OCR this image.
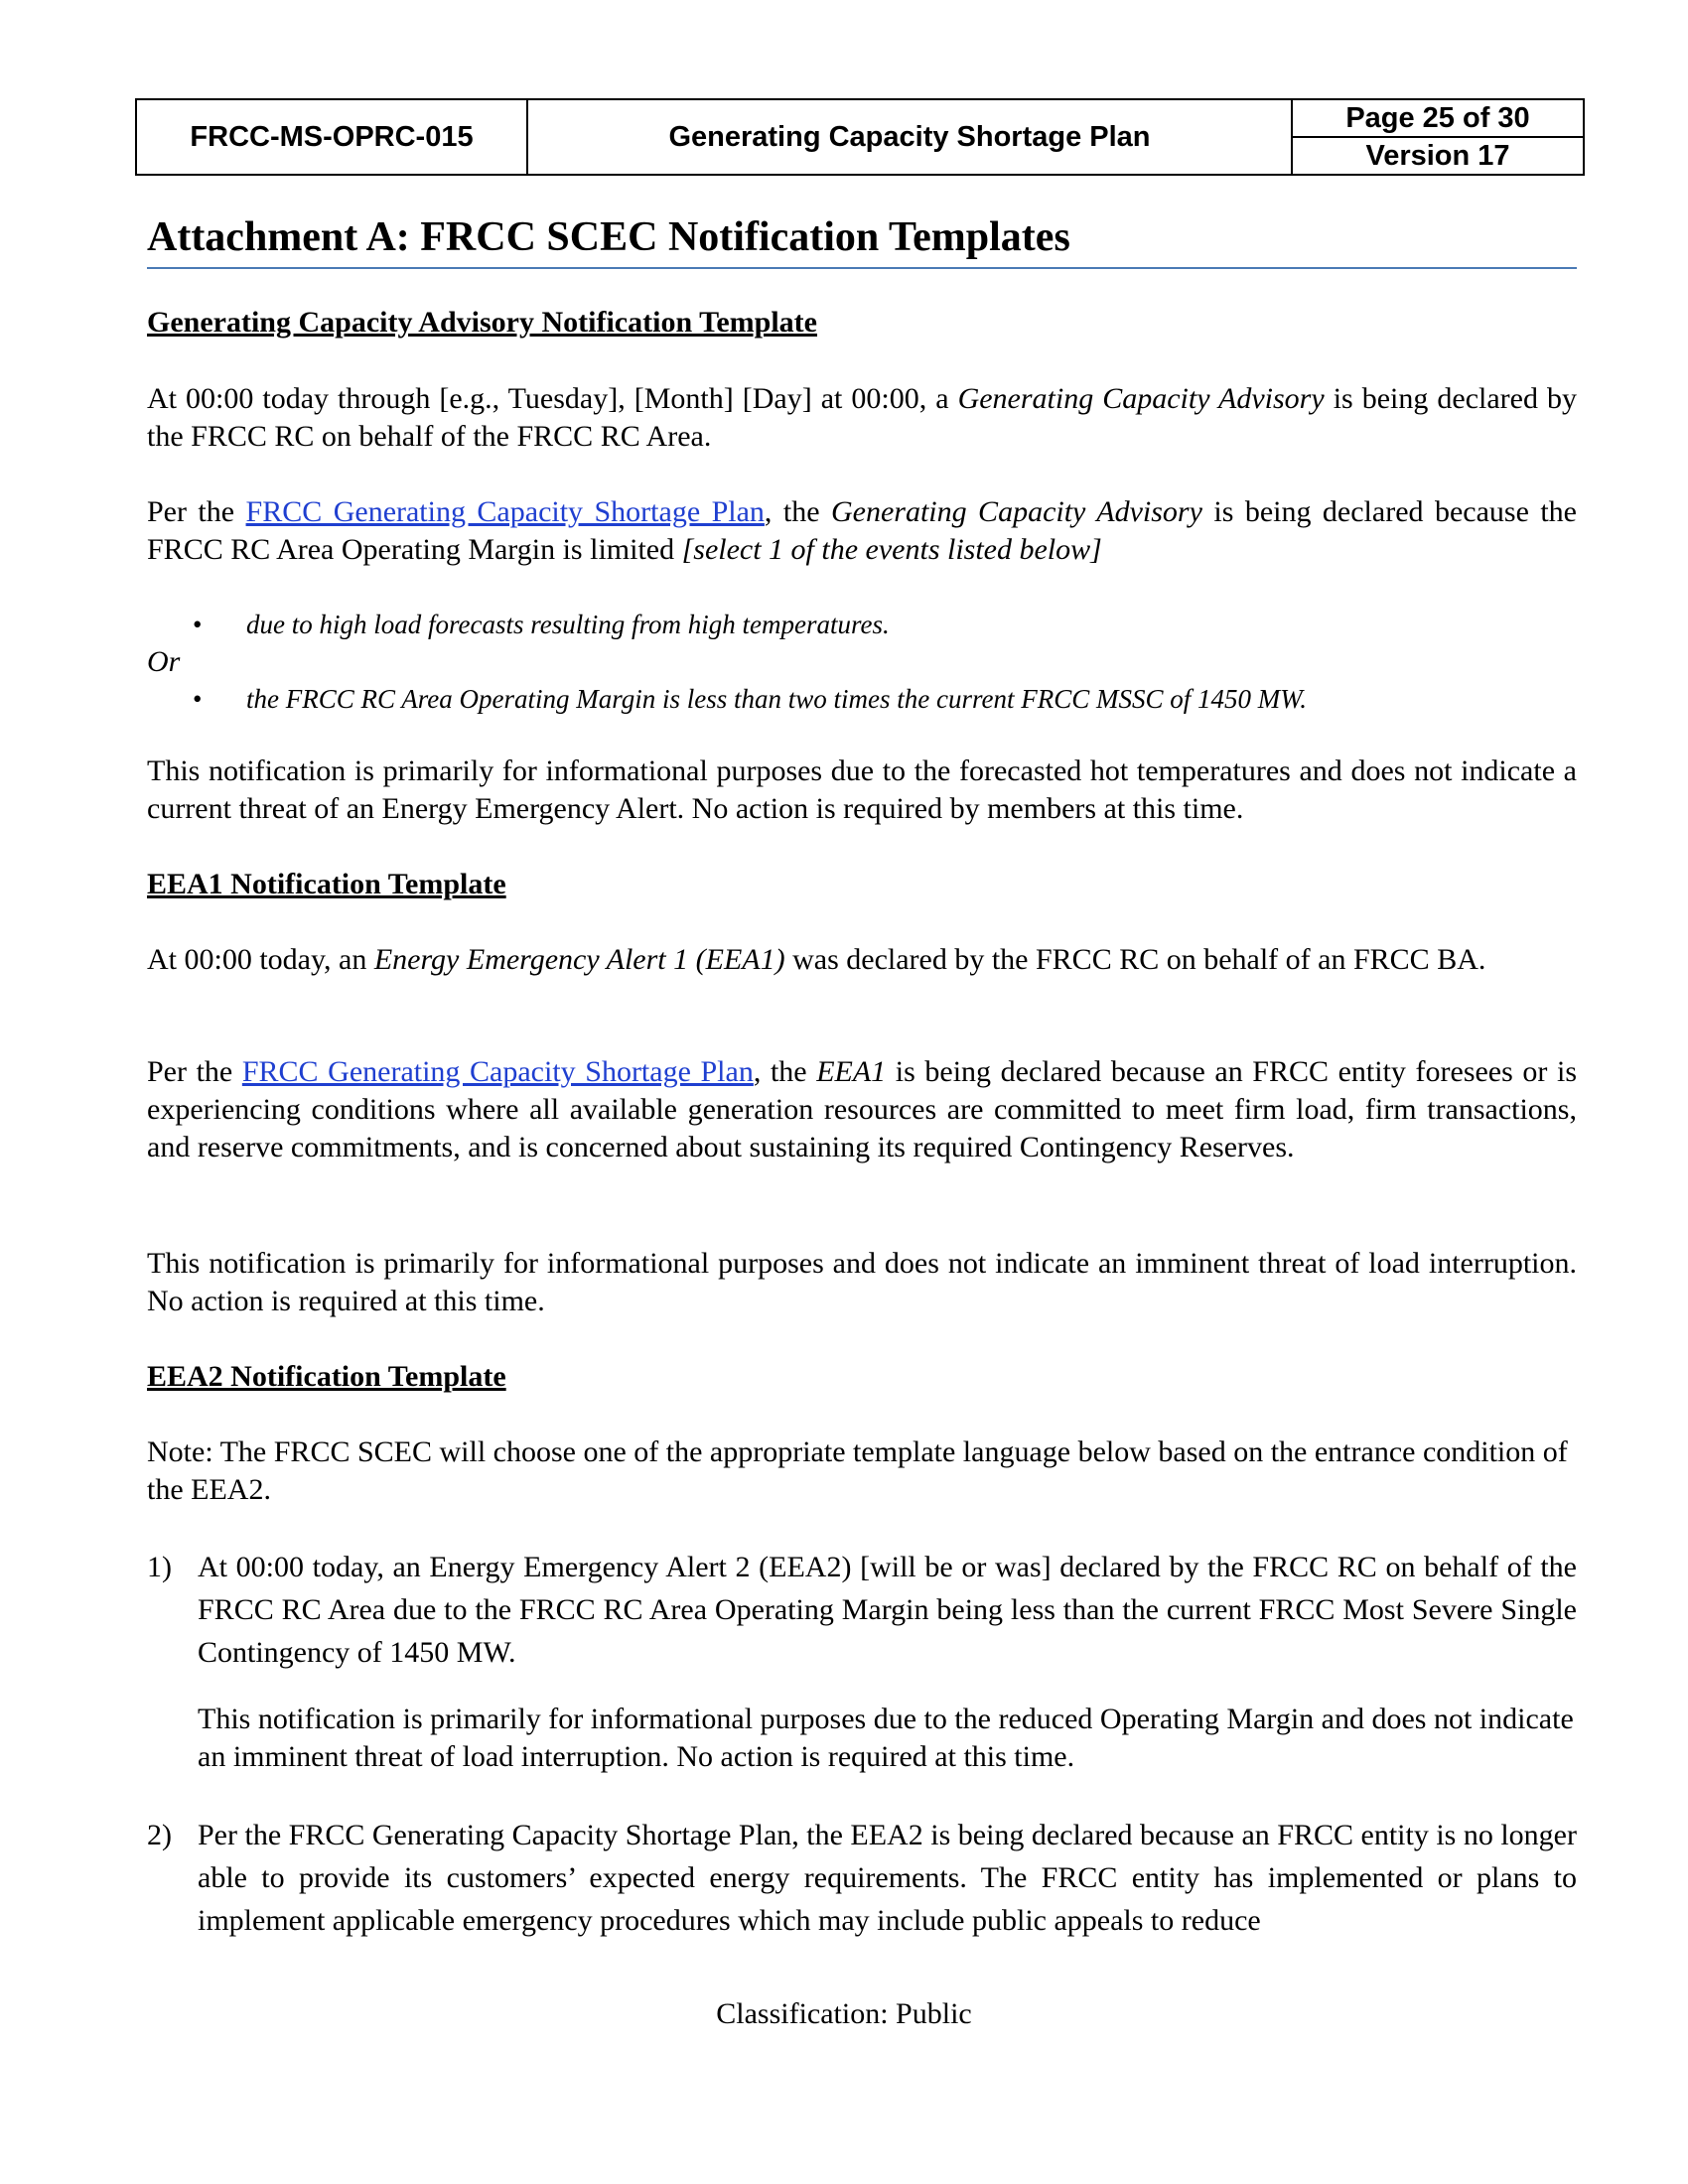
FRCC-MS-OPRC-015	Generating Capacity Shortage Plan
Page 25 of 30
Version 17
Attachment A: FRCC SCEC Notification Templates
Generating Capacity Advisory Notification Template
At 00:00 today through [e.g., Tuesday], [Month] [Day] at 00:00, a Generating Capacity Advisory is being declared by the FRCC RC on behalf of the FRCC RC Area.
Per the FRCC Generating Capacity Shortage Plan, the Generating Capacity Advisory is being declared because the FRCC RC Area Operating Margin is limited [select 1 of the events listed below]
• due to high load forecasts resulting from high temperatures.
Or
• the FRCC RC Area Operating Margin is less than two times the current FRCC MSSC of 1450 MW.
This notification is primarily for informational purposes due to the forecasted hot temperatures and does not indicate a current threat of an Energy Emergency Alert. No action is required by members at this time.
EEA1 Notification Template
At 00:00 today, an Energy Emergency Alert 1 (EEA1) was declared by the FRCC RC on behalf of an FRCC BA.
Per the FRCC Generating Capacity Shortage Plan, the EEA1 is being declared because an FRCC entity foresees or is experiencing conditions where all available generation resources are committed to meet firm load, firm transactions, and reserve commitments, and is concerned about sustaining its required Contingency Reserves.
This notification is primarily for informational purposes and does not indicate an imminent threat of load interruption. No action is required at this time.
EEA2 Notification Template
Note: The FRCC SCEC will choose one of the appropriate template language below based on the entrance condition of the EEA2.
1) At 00:00 today, an Energy Emergency Alert 2 (EEA2) [will be or was] declared by the FRCC RC on behalf of the FRCC RC Area due to the FRCC RC Area Operating Margin being less than the current FRCC Most Severe Single Contingency of 1450 MW.
This notification is primarily for informational purposes due to the reduced Operating Margin and does not indicate an imminent threat of load interruption. No action is required at this time.
2) Per the FRCC Generating Capacity Shortage Plan, the EEA2 is being declared because an FRCC entity is no longer able to provide its customers’ expected energy requirements. The FRCC entity has implemented or plans to implement applicable emergency procedures which may include public appeals to reduce
Classification: Public
